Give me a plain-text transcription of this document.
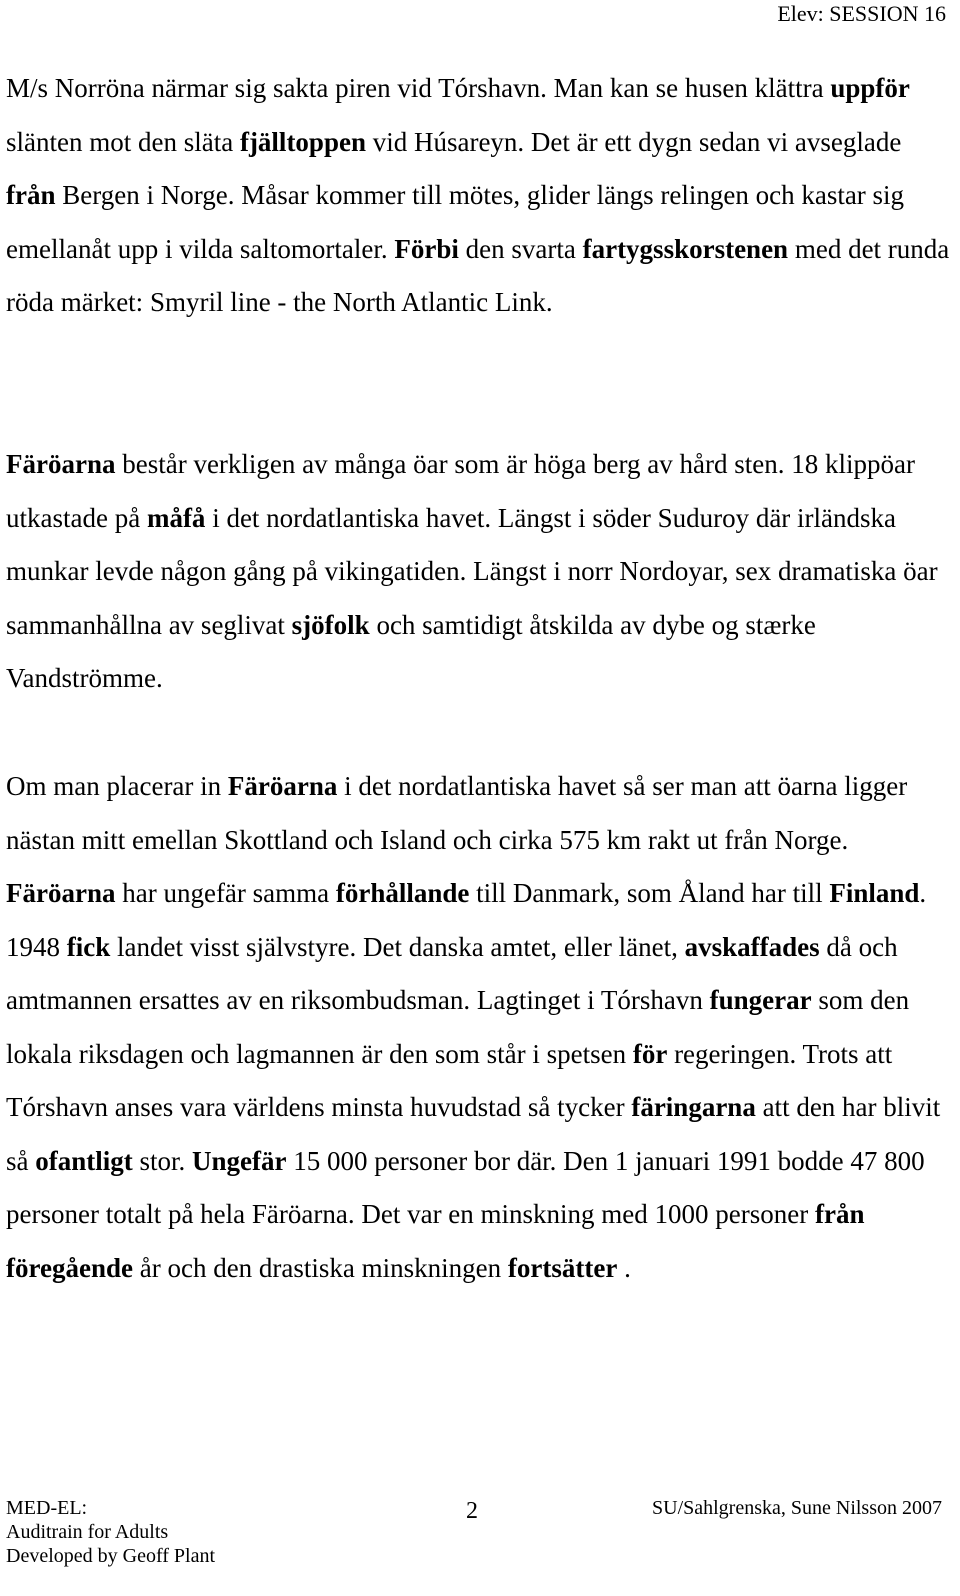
Elev: SESSION 16

M/s Norröna närmar sig sakta piren vid Tórshavn. Man kan se husen klättra uppför slänten mot den släta fjälltoppen vid Húsareyn. Det är ett dygn sedan vi avseglade från Bergen i Norge. Måsar kommer till mötes, glider längs relingen och kastar sig emellanåt upp i vilda saltomortaler. Förbi den svarta fartygsskorstenen med det runda röda märket: Smyril line - the North Atlantic Link.

Färöarna består verkligen av många öar som är höga berg av hård sten. 18 klippöar utkastade på måfå i det nordatlantiska havet. Längst i söder Suduroy där irländska munkar levde någon gång på vikingatiden. Längst i norr Nordoyar, sex dramatiska öar sammanhållna av seglivat sjöfolk och samtidigt åtskilda av dybe og stærke Vandströmme.

Om man placerar in Färöarna i det nordatlantiska havet så ser man att öarna ligger nästan mitt emellan Skottland och Island och cirka 575 km rakt ut från Norge. Färöarna har ungefär samma förhållande till Danmark, som Åland har till Finland. 1948 fick landet visst självstyre. Det danska amtet, eller länet, avskaffades då och amtmannen ersattes av en riksombudsman. Lagtinget i Tórshavn fungerar som den lokala riksdagen och lagmannen är den som står i spetsen för regeringen. Trots att Tórshavn anses vara världens minsta huvudstad så tycker färingarna att den har blivit så ofantligt stor. Ungefär 15 000 personer bor där. Den 1 januari 1991 bodde 47 800 personer totalt på hela Färöarna. Det var en minskning med 1000 personer från föregående år och den drastiska minskningen fortsätter .

MED-EL:
Auditrain for Adults
Developed by Geoff Plant
2	SU/Sahlgrenska, Sune Nilsson 2007
